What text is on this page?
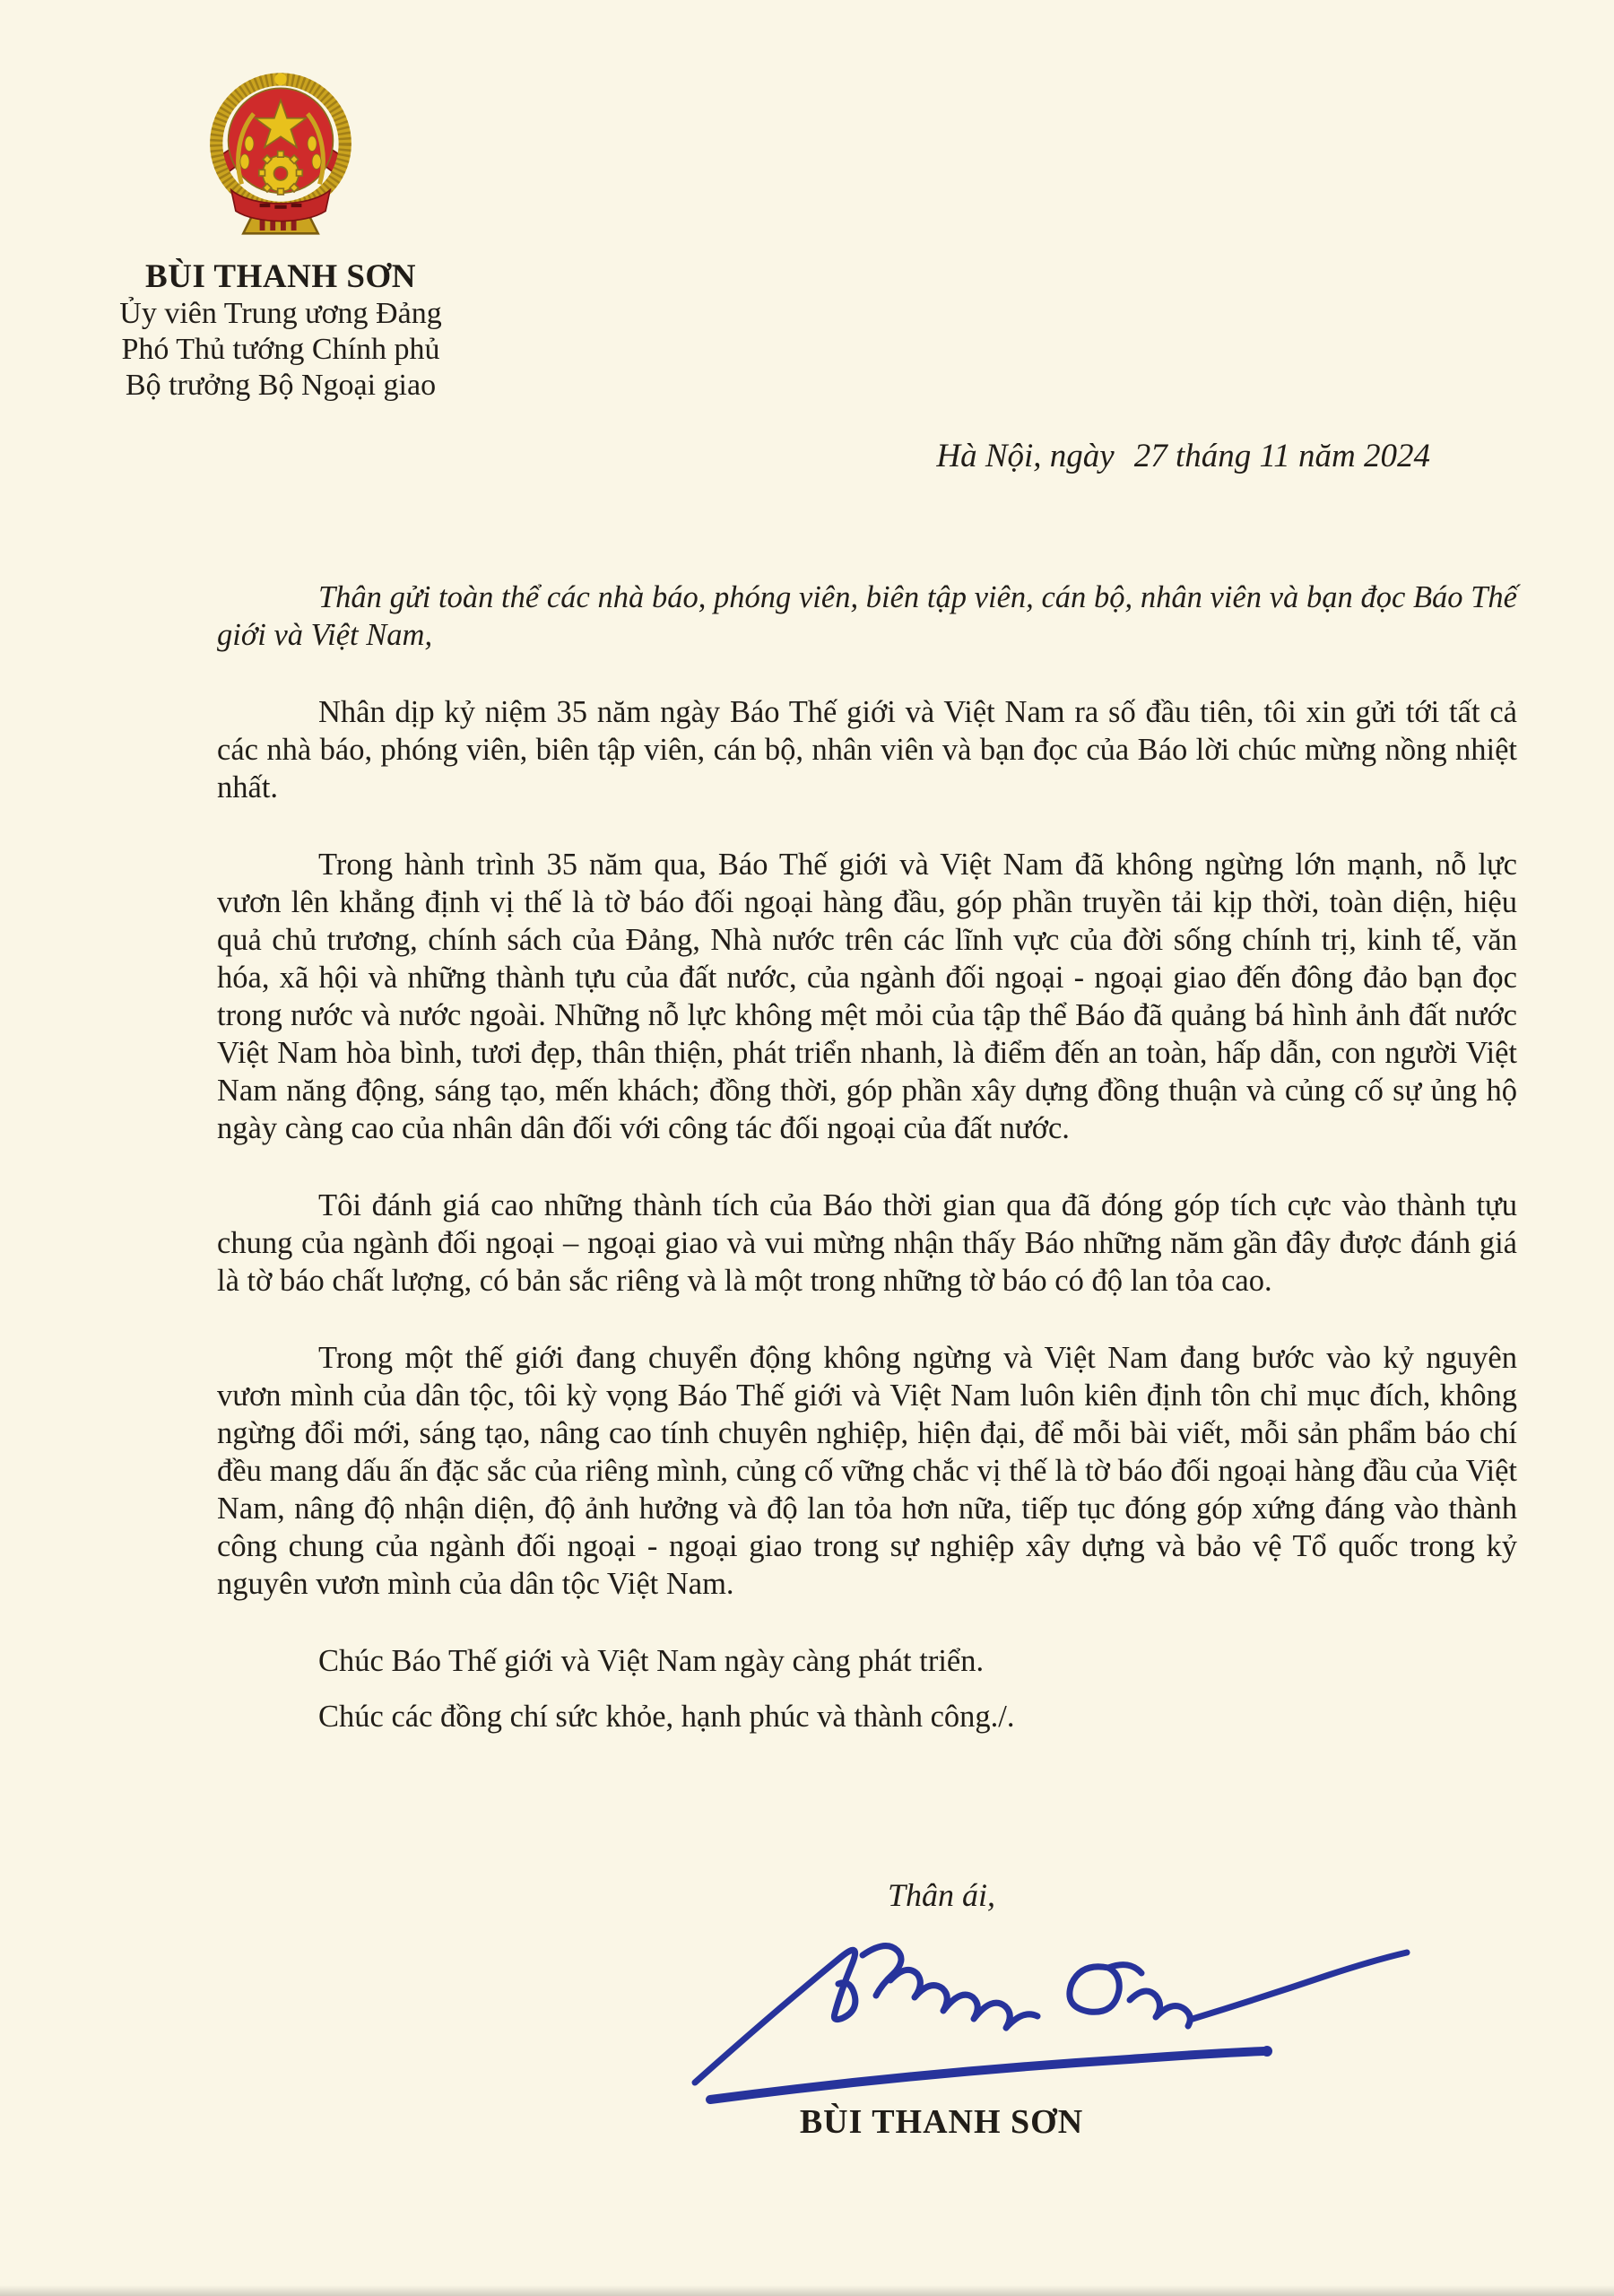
BÙI THANH SƠN
Ủy viên Trung ương Đảng
Phó Thủ tướng Chính phủ
Bộ trưởng Bộ Ngoại giao
Hà Nội, ngày 27 tháng 11 năm 2024

Thân gửi toàn thể các nhà báo, phóng viên, biên tập viên, cán bộ, nhân viên và bạn đọc Báo Thế giới và Việt Nam,

Nhân dịp kỷ niệm 35 năm ngày Báo Thế giới và Việt Nam ra số đầu tiên, tôi xin gửi tới tất cả các nhà báo, phóng viên, biên tập viên, cán bộ, nhân viên và bạn đọc của Báo lời chúc mừng nồng nhiệt nhất.

Trong hành trình 35 năm qua, Báo Thế giới và Việt Nam đã không ngừng lớn mạnh, nỗ lực vươn lên khẳng định vị thế là tờ báo đối ngoại hàng đầu, góp phần truyền tải kịp thời, toàn diện, hiệu quả chủ trương, chính sách của Đảng, Nhà nước trên các lĩnh vực của đời sống chính trị, kinh tế, văn hóa, xã hội và những thành tựu của đất nước, của ngành đối ngoại - ngoại giao đến đông đảo bạn đọc trong nước và nước ngoài. Những nỗ lực không mệt mỏi của tập thể Báo đã quảng bá hình ảnh đất nước Việt Nam hòa bình, tươi đẹp, thân thiện, phát triển nhanh, là điểm đến an toàn, hấp dẫn, con người Việt Nam năng động, sáng tạo, mến khách; đồng thời, góp phần xây dựng đồng thuận và củng cố sự ủng hộ ngày càng cao của nhân dân đối với công tác đối ngoại của đất nước.

Tôi đánh giá cao những thành tích của Báo thời gian qua đã đóng góp tích cực vào thành tựu chung của ngành đối ngoại – ngoại giao và vui mừng nhận thấy Báo những năm gần đây được đánh giá là tờ báo chất lượng, có bản sắc riêng và là một trong những tờ báo có độ lan tỏa cao.

Trong một thế giới đang chuyển động không ngừng và Việt Nam đang bước vào kỷ nguyên vươn mình của dân tộc, tôi kỳ vọng Báo Thế giới và Việt Nam luôn kiên định tôn chỉ mục đích, không ngừng đổi mới, sáng tạo, nâng cao tính chuyên nghiệp, hiện đại, để mỗi bài viết, mỗi sản phẩm báo chí đều mang dấu ấn đặc sắc của riêng mình, củng cố vững chắc vị thế là tờ báo đối ngoại hàng đầu của Việt Nam, nâng độ nhận diện, độ ảnh hưởng và độ lan tỏa hơn nữa, tiếp tục đóng góp xứng đáng vào thành công chung của ngành đối ngoại - ngoại giao trong sự nghiệp xây dựng và bảo vệ Tổ quốc trong kỷ nguyên vươn mình của dân tộc Việt Nam.

Chúc Báo Thế giới và Việt Nam ngày càng phát triển.

Chúc các đồng chí sức khỏe, hạnh phúc và thành công./.

Thân ái,
BÙI THANH SƠN
